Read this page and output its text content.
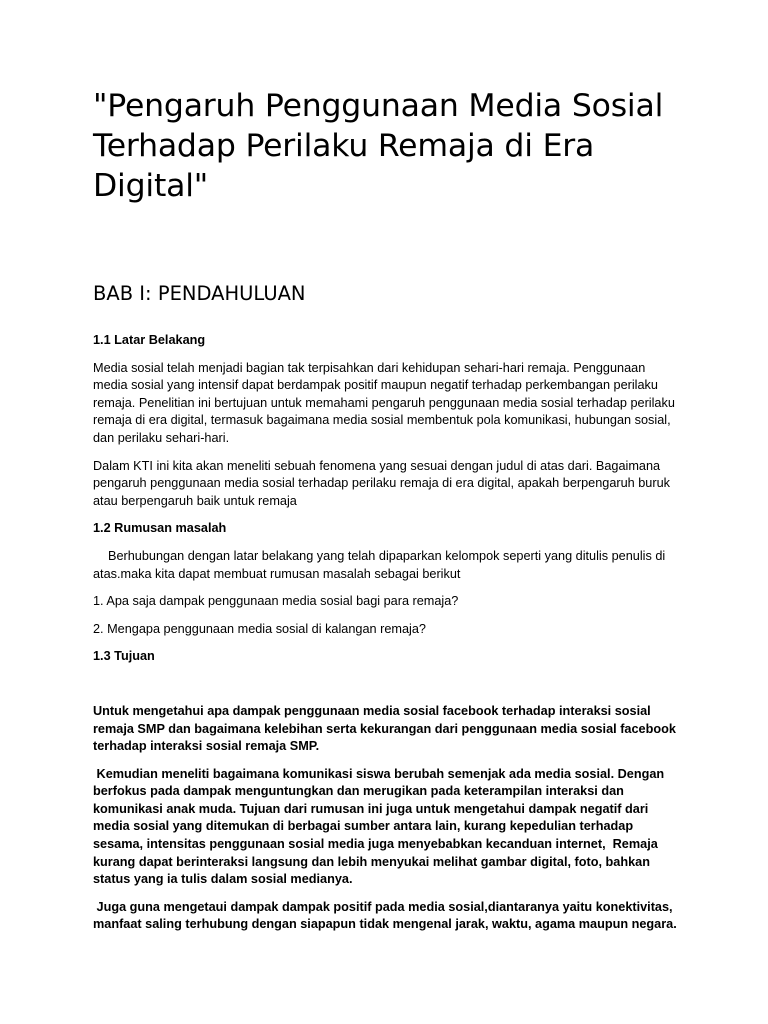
"Pengaruh Penggunaan Media Sosial Terhadap Perilaku Remaja di Era Digital"
BAB I: PENDAHULUAN

1.1 Latar Belakang

Media sosial telah menjadi bagian tak terpisahkan dari kehidupan sehari-hari remaja. Penggunaan media sosial yang intensif dapat berdampak positif maupun negatif terhadap perkembangan perilaku remaja. Penelitian ini bertujuan untuk memahami pengaruh penggunaan media sosial terhadap perilaku remaja di era digital, termasuk bagaimana media sosial membentuk pola komunikasi, hubungan sosial, dan perilaku sehari-hari.

Dalam KTI ini kita akan meneliti sebuah fenomena yang sesuai dengan judul di atas dari. Bagaimana pengaruh penggunaan media sosial terhadap perilaku remaja di era digital, apakah berpengaruh buruk atau berpengaruh baik untuk remaja

1.2 Rumusan masalah

Berhubungan dengan latar belakang yang telah dipaparkan kelompok seperti yang ditulis penulis di atas.maka kita dapat membuat rumusan masalah sebagai berikut

1. Apa saja dampak penggunaan media sosial bagi para remaja?

2. Mengapa penggunaan media sosial di kalangan remaja?

1.3 Tujuan

Untuk mengetahui apa dampak penggunaan media sosial facebook terhadap interaksi sosial remaja SMP dan bagaimana kelebihan serta kekurangan dari penggunaan media sosial facebook terhadap interaksi sosial remaja SMP.

Kemudian meneliti bagaimana komunikasi siswa berubah semenjak ada media sosial. Dengan berfokus pada dampak menguntungkan dan merugikan pada keterampilan interaksi dan komunikasi anak muda. Tujuan dari rumusan ini juga untuk mengetahui dampak negatif dari media sosial yang ditemukan di berbagai sumber antara lain, kurang kepedulian terhadap sesama, intensitas penggunaan sosial media juga menyebabkan kecanduan internet,  Remaja kurang dapat berinteraksi langsung dan lebih menyukai melihat gambar digital, foto, bahkan status yang ia tulis dalam sosial medianya.

Juga guna mengetaui dampak dampak positif pada media sosial,diantaranya yaitu konektivitas, manfaat saling terhubung dengan siapapun tidak mengenal jarak, waktu, agama maupun negara.
